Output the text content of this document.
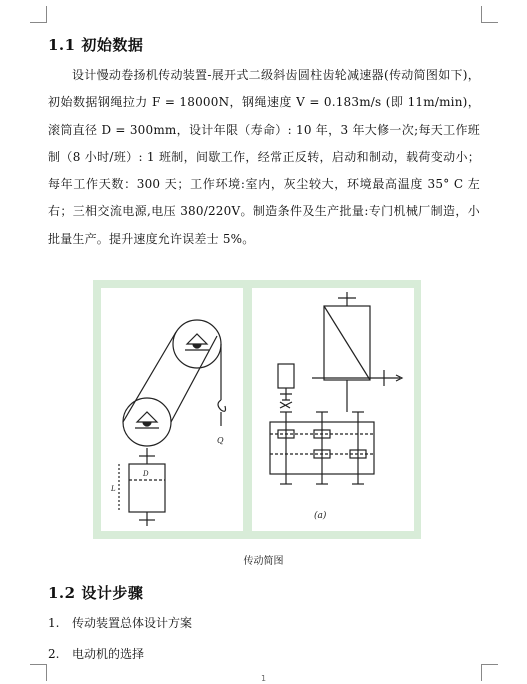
1.1 初始数据
设计慢动卷扬机传动装置-展开式二级斜齿圆柱齿轮减速器(传动简图如下)，初始数据钢绳拉力 F = 18000N，钢绳速度 V = 0.183m/s (即 11m/min)，滚筒直径 D = 300mm，设计年限（寿命）: 10 年，3 年大修一次;每天工作班制（8 小时/班）: 1 班制，间歇工作，经常正反转，启动和制动，载荷变动小；每年工作天数：300 天；工作环境:室内，灰尘较大，环境最高温度 35° C 左右；三相交流电源,电压 380/220V。制造条件及生产批量:专门机械厂制造，小批量生产。提升速度允许误差士 5%。
Q
D
L
(a)
传动简图
1.2 设计步骤
1. 传动装置总体设计方案
2. 电动机的选择
1
